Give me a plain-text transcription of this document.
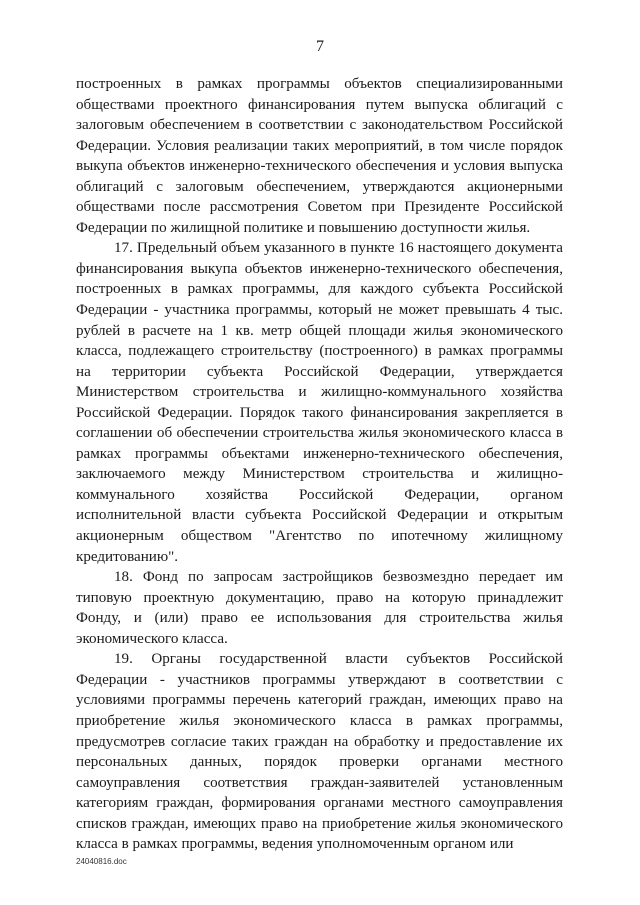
7

построенных в рамках программы объектов специализированными обществами проектного финансирования путем выпуска облигаций с залоговым обеспечением в соответствии с законодательством Российской Федерации. Условия реализации таких мероприятий, в том числе порядок выкупа объектов инженерно-технического обеспечения и условия выпуска облигаций с залоговым обеспечением, утверждаются акционерными обществами после рассмотрения Советом при Президенте Российской Федерации по жилищной политике и повышению доступности жилья.

17. Предельный объем указанного в пункте 16 настоящего документа финансирования выкупа объектов инженерно-технического обеспечения, построенных в рамках программы, для каждого субъекта Российской Федерации - участника программы, который не может превышать 4 тыс. рублей в расчете на 1 кв. метр общей площади жилья экономического класса, подлежащего строительству (построенного) в рамках программы на территории субъекта Российской Федерации, утверждается Министерством строительства и жилищно-коммунального хозяйства Российской Федерации. Порядок такого финансирования закрепляется в соглашении об обеспечении строительства жилья экономического класса в рамках программы объектами инженерно-технического обеспечения, заключаемого между Министерством строительства и жилищно-коммунального хозяйства Российской Федерации, органом исполнительной власти субъекта Российской Федерации и открытым акционерным обществом "Агентство по ипотечному жилищному кредитованию".

18. Фонд по запросам застройщиков безвозмездно передает им типовую проектную документацию, право на которую принадлежит Фонду, и (или) право ее использования для строительства жилья экономического класса.

19. Органы государственной власти субъектов Российской Федерации - участников программы утверждают в соответствии с условиями программы перечень категорий граждан, имеющих право на приобретение жилья экономического класса в рамках программы, предусмотрев согласие таких граждан на обработку и предоставление их персональных данных, порядок проверки органами местного самоуправления соответствия граждан-заявителей установленным категориям граждан, формирования органами местного самоуправления списков граждан, имеющих право на приобретение жилья экономического класса в рамках программы, ведения уполномоченным органом или

24040816.doc
